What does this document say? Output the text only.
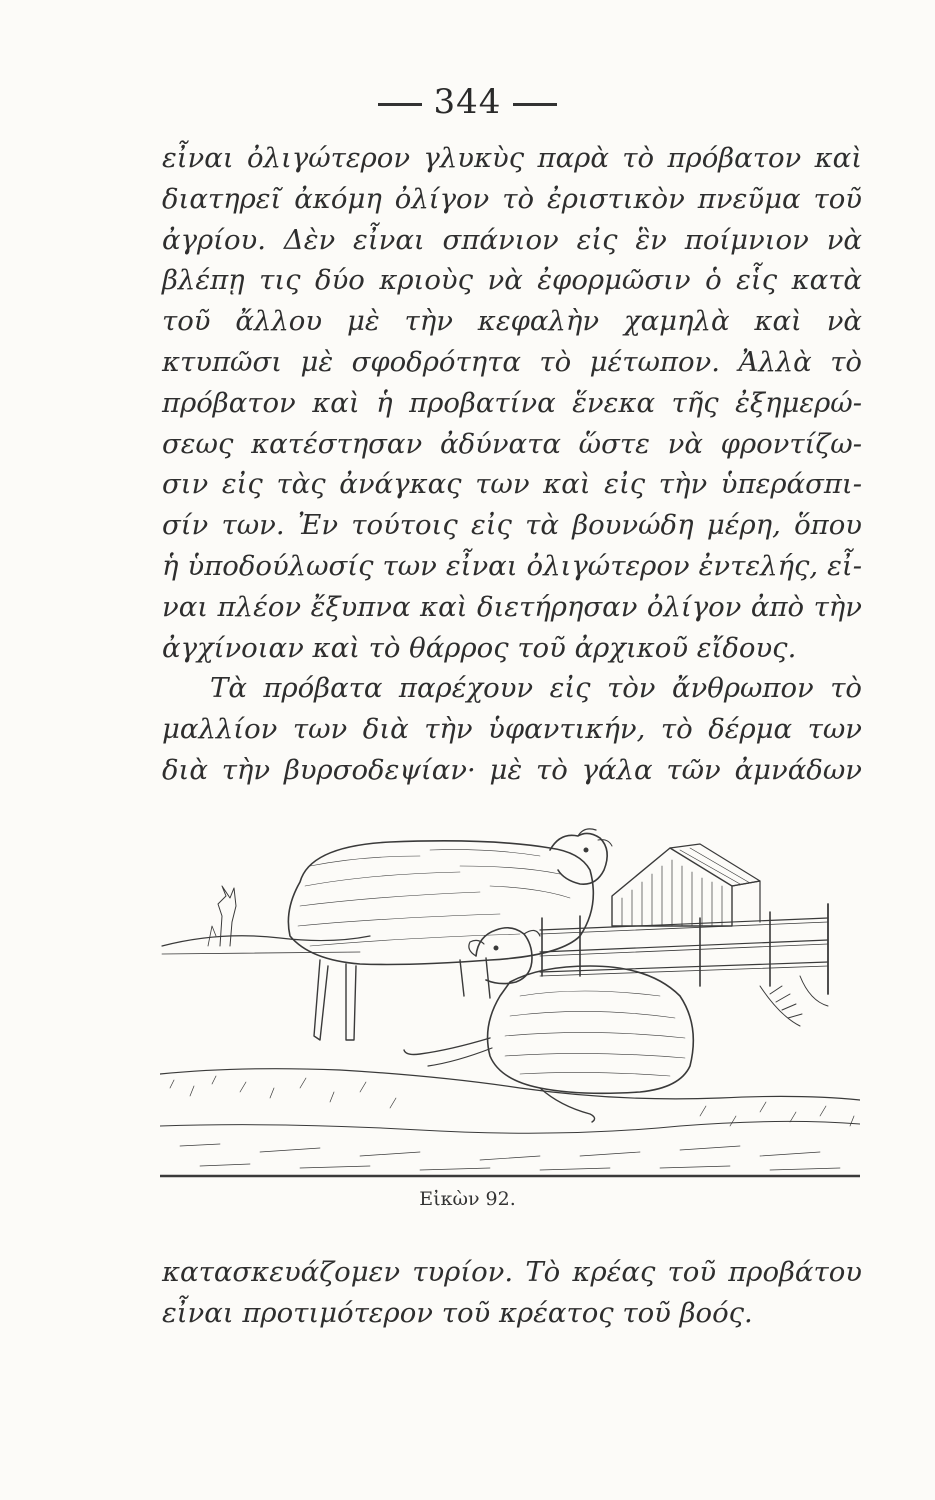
344
εἶναι ὀλιγώτερον γλυκὺς παρὰ τὸ πρόβατον καὶ
διατηρεῖ ἀκόμη ὀλίγον τὸ ἐριστικὸν πνεῦμα τοῦ
ἀγρίου. Δὲν εἶναι σπάνιον εἰς ἓν ποίμνιον νὰ
βλέπῃ τις δύο κριοὺς νὰ ἐφορμῶσιν ὁ εἷς κατὰ
τοῦ ἄλλου μὲ τὴν κεφαλὴν χαμηλὰ καὶ νὰ
κτυπῶσι μὲ σφοδρότητα τὸ μέτωπον. Ἀλλὰ τὸ
πρόβατον καὶ ἡ προβατίνα ἕνεκα τῆς ἐξημερώ-
σεως κατέστησαν ἀδύνατα ὥστε νὰ φροντίζω-
σιν εἰς τὰς ἀνάγκας των καὶ εἰς τὴν ὑπεράσπι-
σίν των. Ἐν τούτοις εἰς τὰ βουνώδη μέρη, ὅπου
ἡ ὑποδούλωσίς των εἶναι ὀλιγώτερον ἐντελής, εἶ-
ναι πλέον ἔξυπνα καὶ διετήρησαν ὀλίγον ἀπὸ τὴν
ἀγχίνοιαν καὶ τὸ θάρρος τοῦ ἀρχικοῦ εἴδους.
Τὰ πρόβατα παρέχουν εἰς τὸν ἄνθρωπον τὸ
μαλλίον των διὰ τὴν ὑφαντικήν, τὸ δέρμα των
διὰ τὴν βυρσοδεψίαν· μὲ τὸ γάλα τῶν ἀμνάδων
Εἰκὼν 92.
κατασκευάζομεν τυρίον. Τὸ κρέας τοῦ προβάτου
εἶναι προτιμότερον τοῦ κρέατος τοῦ βοός.
